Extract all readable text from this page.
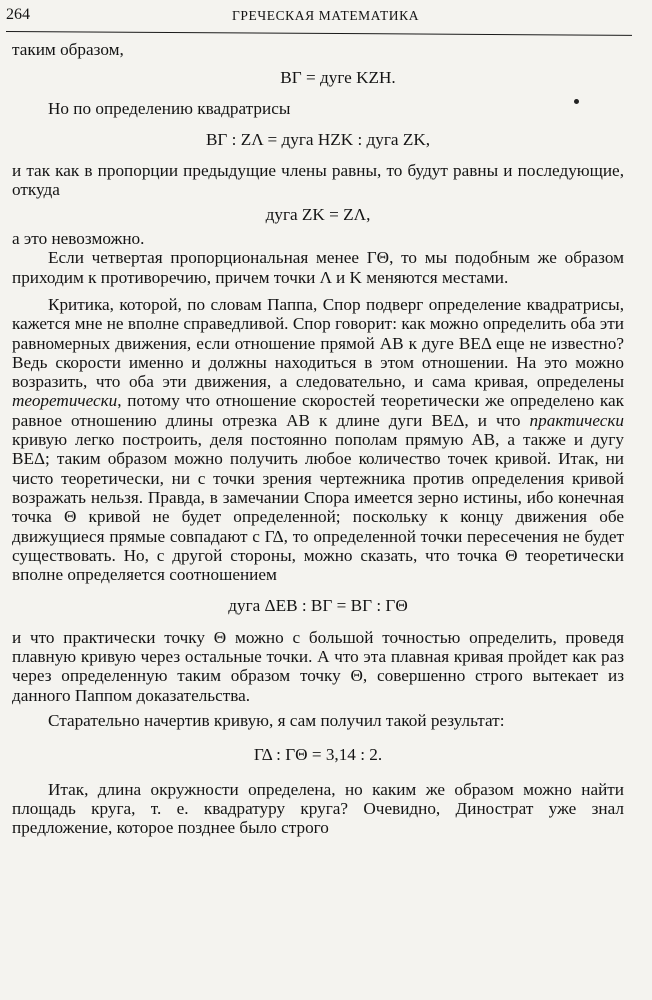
264	ГРЕЧЕСКАЯ МАТЕМАТИКА

таким образом,

BΓ = дуге KZH.

Но по определению квадратрисы

BΓ : ZΛ = дуга HZK : дуга ZK,

и так как в пропорции предыдущие члены равны, то будут равны и последующие, откуда

дуга ZK = ZΛ,

а это невозможно.

Если четвертая пропорциональная менее ΓΘ, то мы подобным же образом приходим к противоречию, причем точки Λ и K меняются местами.

Критика, которой, по словам Паппа, Спор подверг определение квадратрисы, кажется мне не вполне справедливой. Спор говорит: как можно определить оба эти равномерных движения, если отношение прямой AB к дуге BEΔ еще не известно? Ведь скорости именно и должны находиться в этом отношении. На это можно возразить, что оба эти движения, а следовательно, и сама кривая, определены теоретически, потому что отношение скоростей теоретически же определено как равное отношению длины отрезка AB к длине дуги BEΔ, и что практически кривую легко построить, деля постоянно пополам прямую AB, а также и дугу BEΔ; таким образом можно получить любое количество точек кривой. Итак, ни чисто теоретически, ни с точки зрения чертежника против определения кривой возражать нельзя. Правда, в замечании Спора имеется зерно истины, ибо конечная точка Θ кривой не будет определенной; поскольку к концу движения обе движущиеся прямые совпадают с ΓΔ, то определенной точки пересечения не будет существовать. Но, с другой стороны, можно сказать, что точка Θ теоретически вполне определяется соотношением

дуга ΔEB : BΓ = BΓ : ΓΘ

и что практически точку Θ можно с большой точностью определить, проведя плавную кривую через остальные точки. А что эта плавная кривая пройдет как раз через определенную таким образом точку Θ, совершенно строго вытекает из данного Паппом доказательства.

Старательно начертив кривую, я сам получил такой результат:

ΓΔ : ΓΘ = 3,14 : 2.

Итак, длина окружности определена, но каким же образом можно найти площадь круга, т. е. квадратуру круга? Очевидно, Динострат уже знал предложение, которое позднее было строго
